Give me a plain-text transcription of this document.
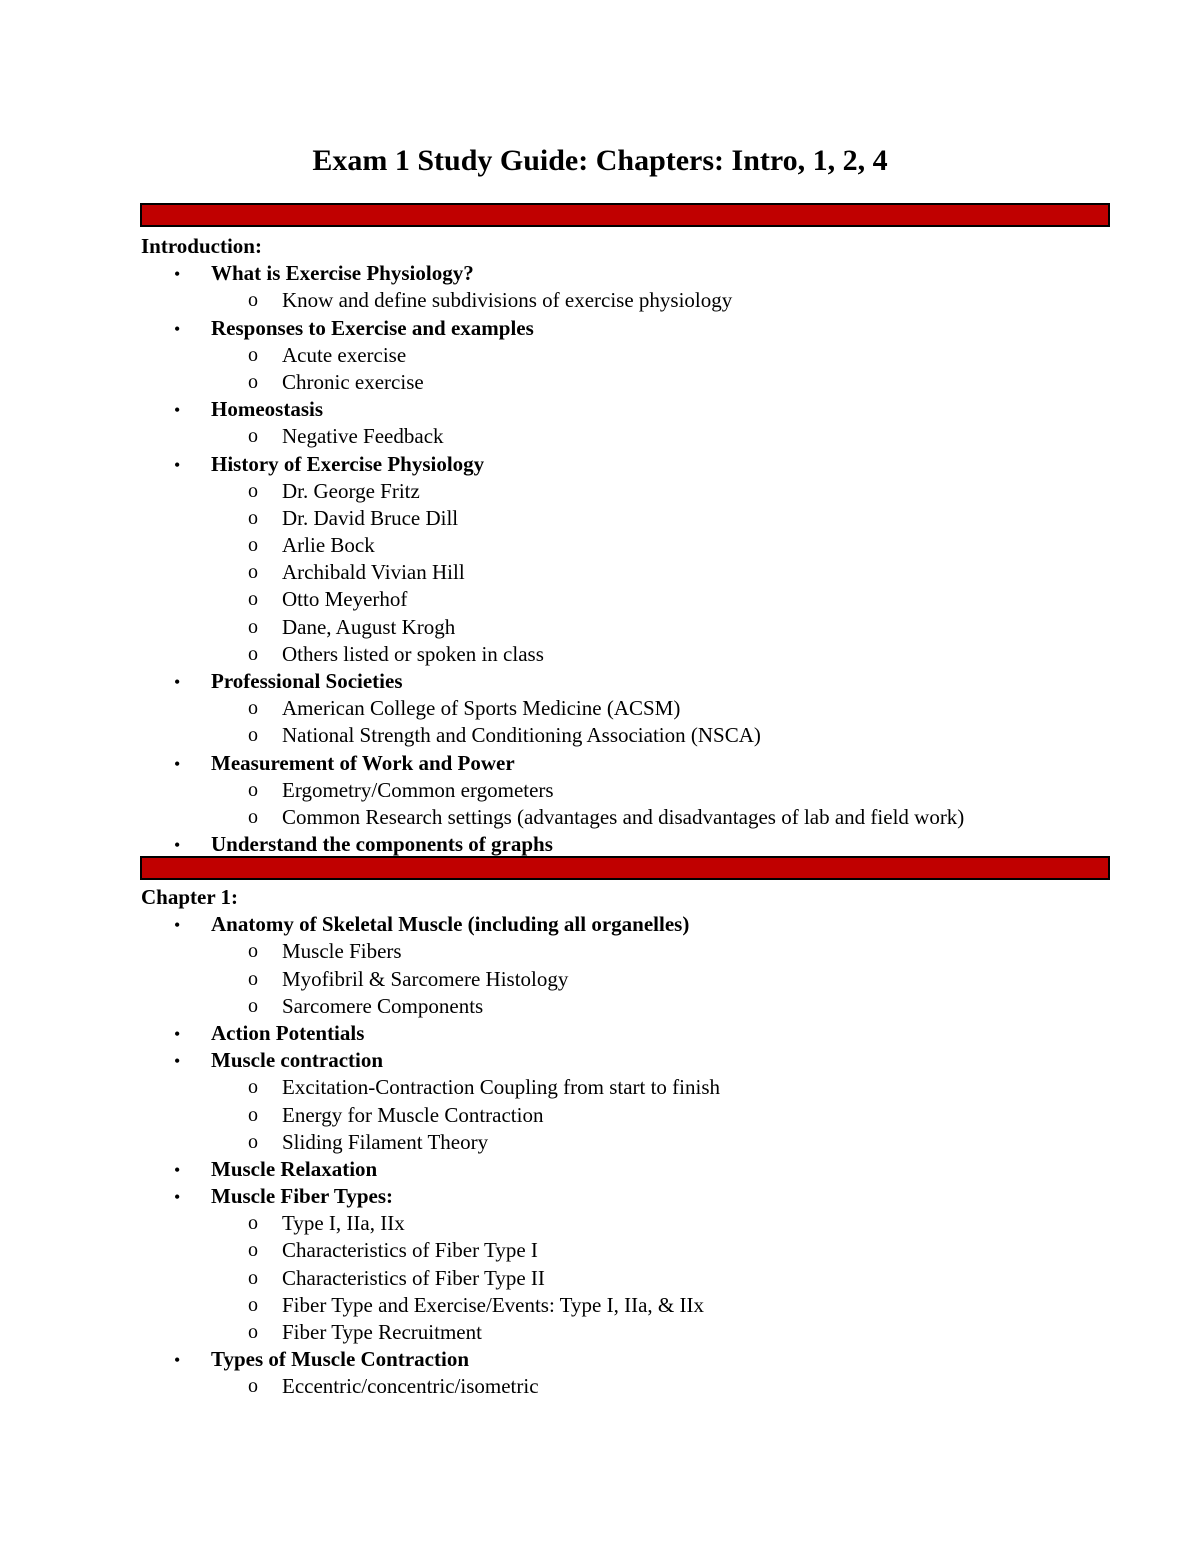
Exam 1 Study Guide: Chapters: Intro, 1, 2, 4
Introduction:
• What is Exercise Physiology?
o Know and define subdivisions of exercise physiology
• Responses to Exercise and examples
o Acute exercise
o Chronic exercise
• Homeostasis
o Negative Feedback
• History of Exercise Physiology
o Dr. George Fritz
o Dr. David Bruce Dill
o Arlie Bock
o Archibald Vivian Hill
o Otto Meyerhof
o Dane, August Krogh
o Others listed or spoken in class
• Professional Societies
o American College of Sports Medicine (ACSM)
o National Strength and Conditioning Association (NSCA)
• Measurement of Work and Power
o Ergometry/Common ergometers
o Common Research settings (advantages and disadvantages of lab and field work)
• Understand the components of graphs
Chapter 1:
• Anatomy of Skeletal Muscle (including all organelles)
o Muscle Fibers
o Myofibril & Sarcomere Histology
o Sarcomere Components
• Action Potentials
• Muscle contraction
o Excitation-Contraction Coupling from start to finish
o Energy for Muscle Contraction
o Sliding Filament Theory
• Muscle Relaxation
• Muscle Fiber Types:
o Type I, IIa, IIx
o Characteristics of Fiber Type I
o Characteristics of Fiber Type II
o Fiber Type and Exercise/Events: Type I, IIa, & IIx
o Fiber Type Recruitment
• Types of Muscle Contraction
o Eccentric/concentric/isometric
